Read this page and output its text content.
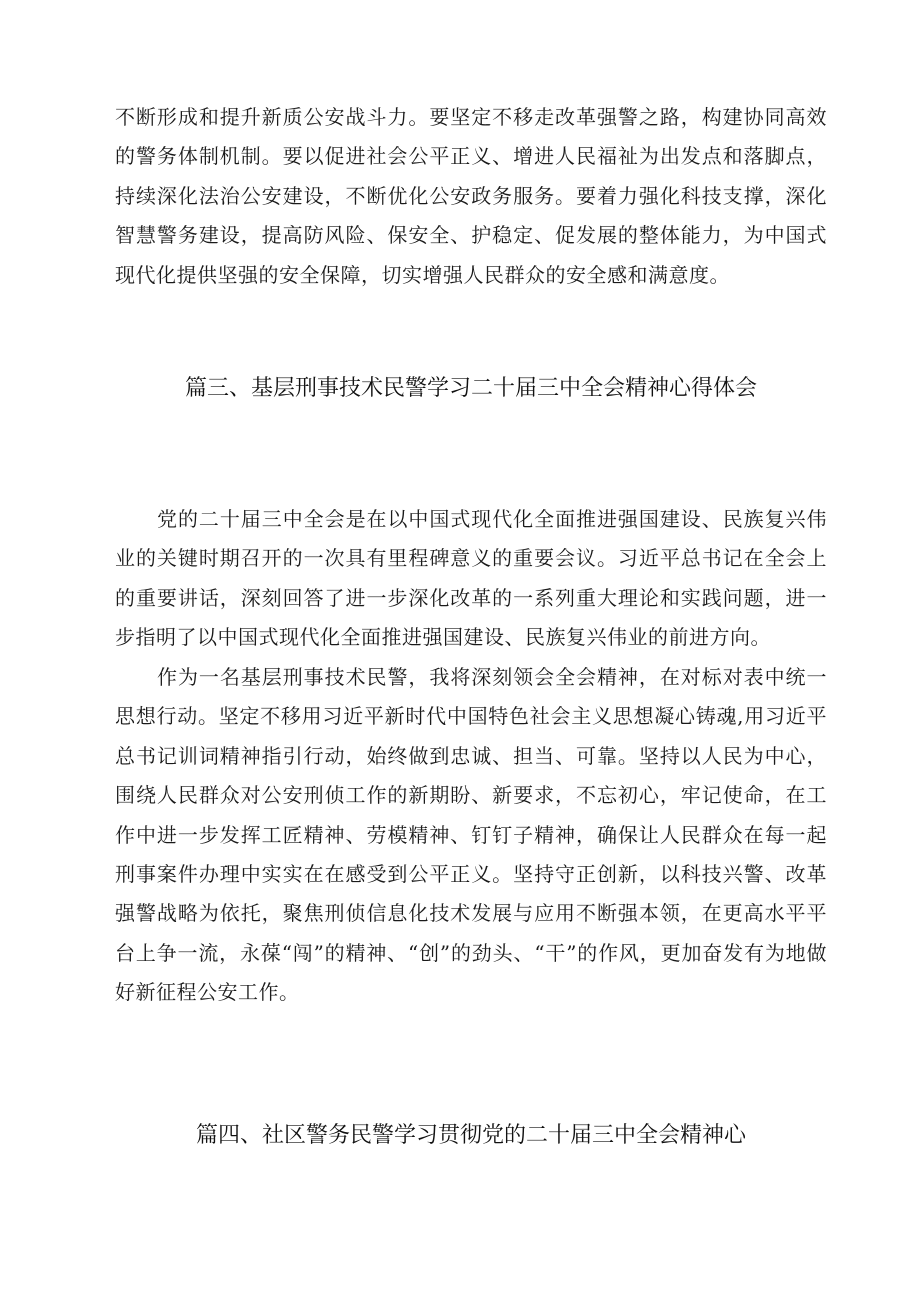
不断形成和提升新质公安战斗力。要坚定不移走改革强警之路，构建协同高效的警务体制机制。要以促进社会公平正义、增进人民福祉为出发点和落脚点，持续深化法治公安建设，不断优化公安政务服务。要着力强化科技支撑，深化智慧警务建设，提高防风险、保安全、护稳定、促发展的整体能力，为中国式现代化提供坚强的安全保障，切实增强人民群众的安全感和满意度。

篇三、基层刑事技术民警学习二十届三中全会精神心得体会

党的二十届三中全会是在以中国式现代化全面推进强国建设、民族复兴伟业的关键时期召开的一次具有里程碑意义的重要会议。习近平总书记在全会上的重要讲话，深刻回答了进一步深化改革的一系列重大理论和实践问题，进一步指明了以中国式现代化全面推进强国建设、民族复兴伟业的前进方向。

作为一名基层刑事技术民警，我将深刻领会全会精神，在对标对表中统一思想行动。坚定不移用习近平新时代中国特色社会主义思想凝心铸魂,用习近平总书记训词精神指引行动，始终做到忠诚、担当、可靠。坚持以人民为中心，围绕人民群众对公安刑侦工作的新期盼、新要求，不忘初心，牢记使命，在工作中进一步发挥工匠精神、劳模精神、钉钉子精神，确保让人民群众在每一起刑事案件办理中实实在在感受到公平正义。坚持守正创新，以科技兴警、改革强警战略为依托，聚焦刑侦信息化技术发展与应用不断强本领，在更高水平平台上争一流，永葆“闯”的精神、“创”的劲头、“干”的作风，更加奋发有为地做好新征程公安工作。

篇四、社区警务民警学习贯彻党的二十届三中全会精神心
